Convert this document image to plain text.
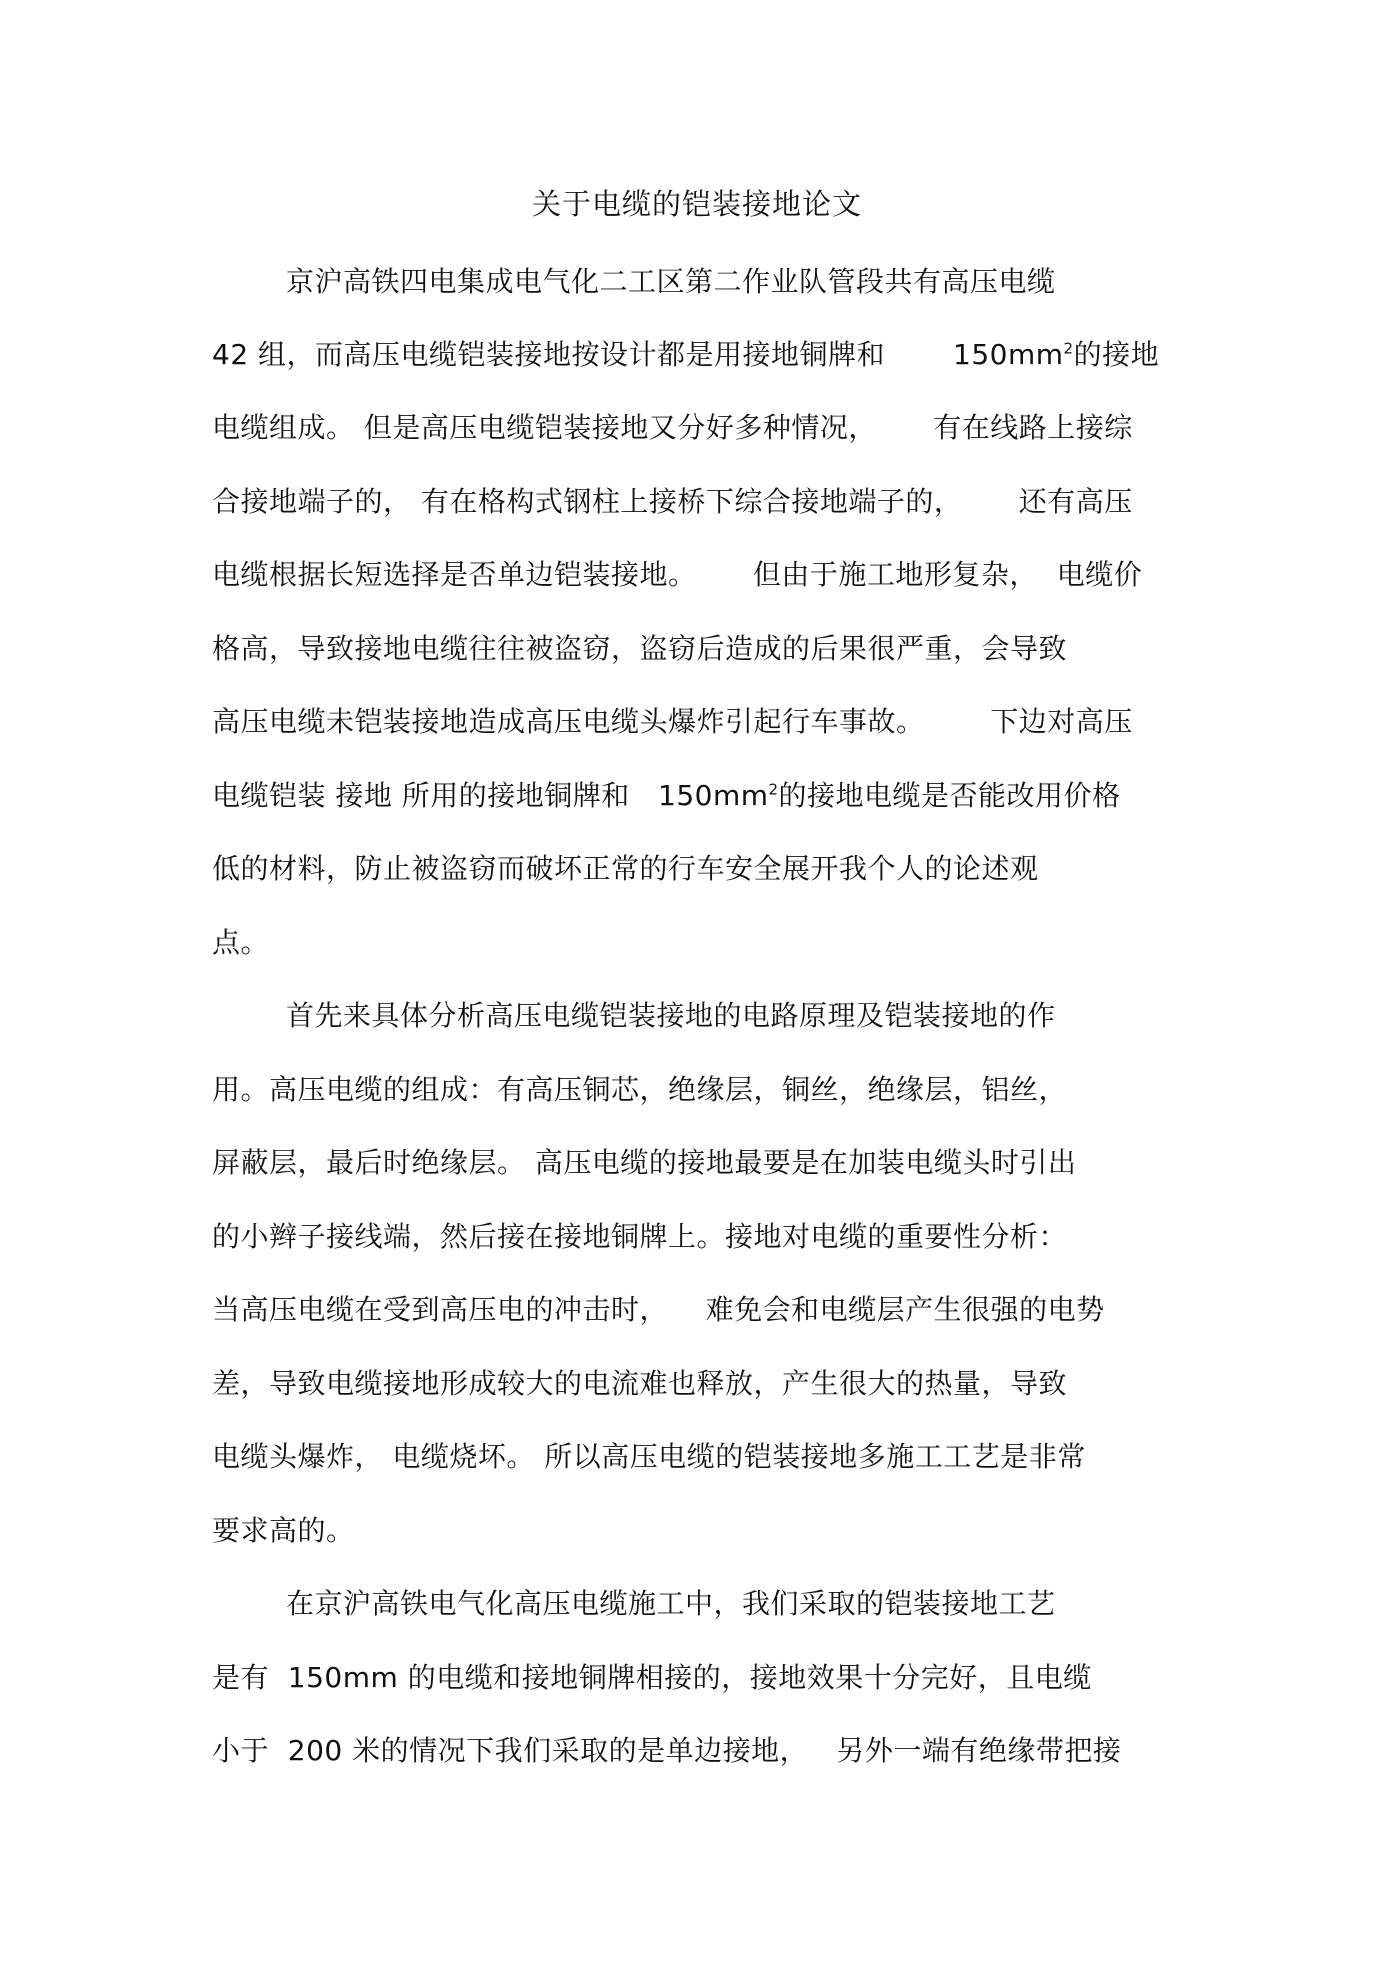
关于电缆的铠装接地论文
京沪高铁四电集成电气化二工区第二作业队管段共有高压电缆
42 组，而高压电缆铠装接地按设计都是用接地铜牌和 $150mm^2$的接地
电缆组成。 但是高压电缆铠装接地又分好多种情况，      有在线路上接综
合接地端子的， 有在格构式钢柱上接桥下综合接地端子的，      还有高压
电缆根据长短选择是否单边铠装接地。      但由于施工地形复杂，  电缆价
格高，导致接地电缆往往被盗窃，盗窃后造成的后果很严重，会导致
高压电缆未铠装接地造成高压电缆头爆炸引起行车事故。       下边对高压
电缆铠装 接地 所用的接地铜牌和   $150mm^2$的接地电缆是否能改用价格
低的材料，防止被盗窃而破坏正常的行车安全展开我个人的论述观
点。
首先来具体分析高压电缆铠装接地的电路原理及铠装接地的作
用。高压电缆的组成：有高压铜芯，绝缘层，铜丝，绝缘层，铝丝，
屏蔽层，最后时绝缘层。 高压电缆的接地最要是在加装电缆头时引出
的小辫子接线端，然后接在接地铜牌上。接地对电缆的重要性分析：
当高压电缆在受到高压电的冲击时，    难免会和电缆层产生很强的电势
差，导致电缆接地形成较大的电流难也释放，产生很大的热量，导致
电缆头爆炸， 电缆烧坏。 所以高压电缆的铠装接地多施工工艺是非常
要求高的。
在京沪高铁电气化高压电缆施工中，我们采取的铠装接地工艺
是有  150mm 的电缆和接地铜牌相接的，接地效果十分完好，且电缆
小于  200 米的情况下我们采取的是单边接地，   另外一端有绝缘带把接
